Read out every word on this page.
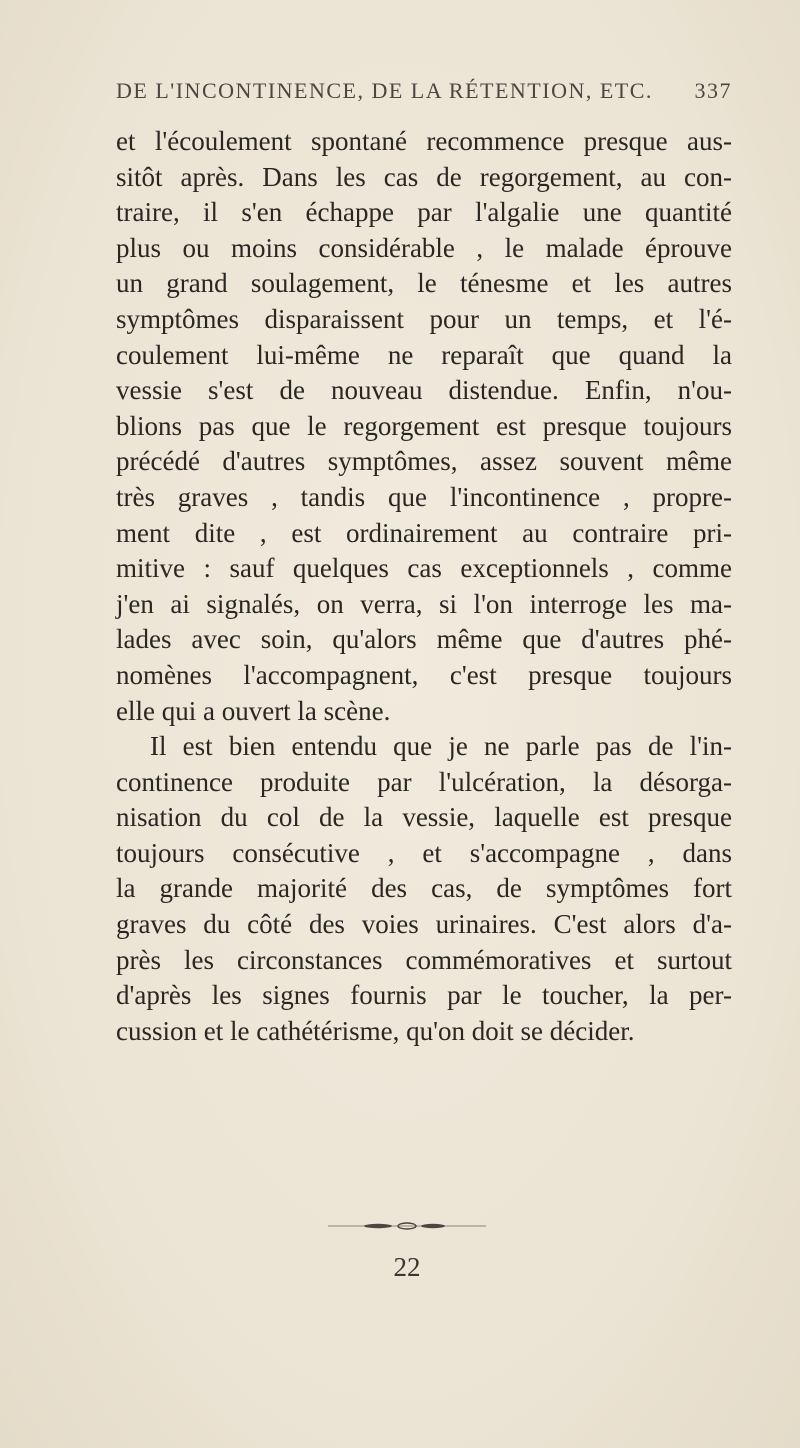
DE L'INCONTINENCE, DE LA RÉTENTION, ETC. 337
et l'écoulement spontané recommence presque aus-
sitôt après. Dans les cas de regorgement, au con-
traire, il s'en échappe par l'algalie une quantité
plus ou moins considérable , le malade éprouve
un grand soulagement, le ténesme et les autres
symptômes disparaissent pour un temps, et l'é-
coulement lui-même ne reparaît que quand la
vessie s'est de nouveau distendue. Enfin, n'ou-
blions pas que le regorgement est presque toujours
précédé d'autres symptômes, assez souvent même
très graves , tandis que l'incontinence , propre-
ment dite , est ordinairement au contraire pri-
mitive : sauf quelques cas exceptionnels , comme
j'en ai signalés, on verra, si l'on interroge les ma-
lades avec soin, qu'alors même que d'autres phé-
nomènes l'accompagnent, c'est presque toujours
elle qui a ouvert la scène.
Il est bien entendu que je ne parle pas de l'in-
continence produite par l'ulcération, la désorga-
nisation du col de la vessie, laquelle est presque
toujours consécutive , et s'accompagne , dans
la grande majorité des cas, de symptômes fort
graves du côté des voies urinaires. C'est alors d'a-
près les circonstances commémoratives et surtout
d'après les signes fournis par le toucher, la per-
cussion et le cathétérisme, qu'on doit se décider.
22
